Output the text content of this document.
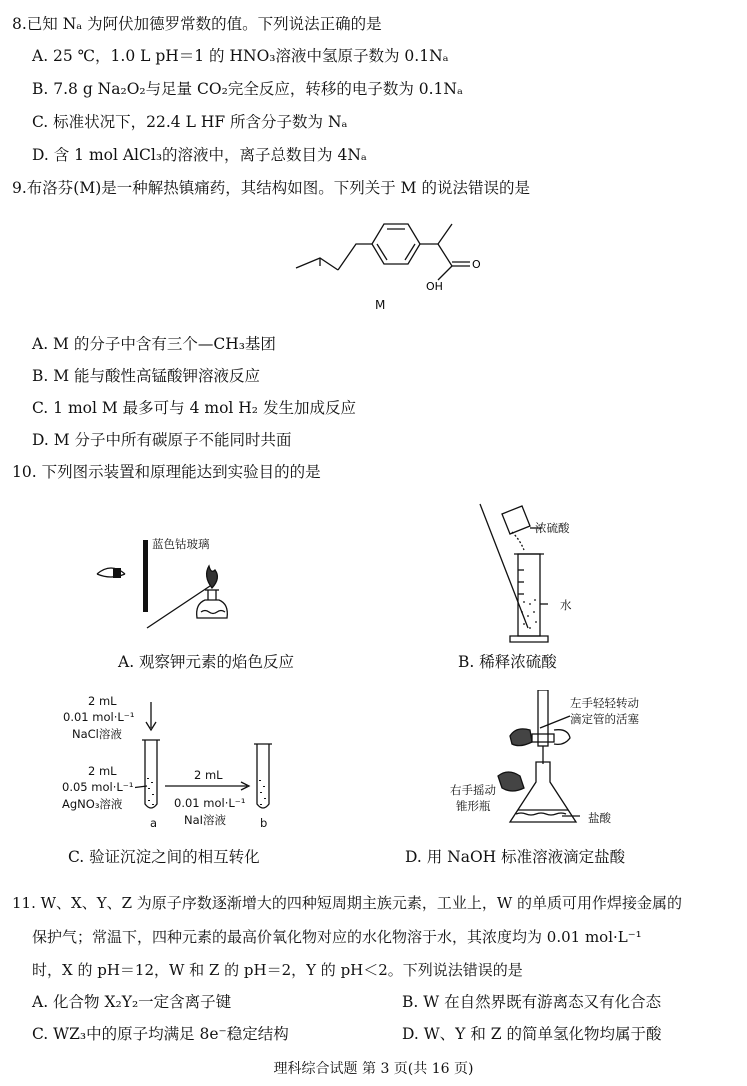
8.已知 Nₐ 为阿伏加德罗常数的值。下列说法正确的是
A. 25 ℃，1.0 L pH＝1 的 HNO₃溶液中氢原子数为 0.1Nₐ
B. 7.8 g Na₂O₂与足量 CO₂完全反应，转移的电子数为 0.1Nₐ
C. 标准状况下，22.4 L HF 所含分子数为 Nₐ
D. 含 1 mol AlCl₃的溶液中，离子总数目为 4Nₐ
9.布洛芬(M)是一种解热镇痛药，其结构如图。下列关于 M 的说法错误的是
OH
O
M
A. M 的分子中含有三个—CH₃基团
B. M 能与酸性高锰酸钾溶液反应
C. 1 mol M 最多可与 4 mol H₂ 发生加成反应
D. M 分子中所有碳原子不能同时共面
10. 下列图示装置和原理能达到实验目的的是
蓝色钴玻璃
A. 观察钾元素的焰色反应
浓硫酸
水
B. 稀释浓硫酸
2 mL
0.01 mol·L⁻¹
NaCl溶液
2 mL
0.05 mol·L⁻¹
AgNO₃溶液
a	b
2 mL
0.01 mol·L⁻¹
NaI溶液
C. 验证沉淀之间的相互转化
左手轻轻转动
滴定管的活塞
右手摇动
锥形瓶
盐酸
D. 用 NaOH 标准溶液滴定盐酸
11. W、X、Y、Z 为原子序数逐渐增大的四种短周期主族元素，工业上，W 的单质可用作焊接金属的
保护气；常温下，四种元素的最高价氧化物对应的水化物溶于水，其浓度均为 0.01 mol·L⁻¹
时，X 的 pH＝12，W 和 Z 的 pH＝2，Y 的 pH＜2。下列说法错误的是
A. 化合物 X₂Y₂一定含离子键	B. W 在自然界既有游离态又有化合态
C. WZ₃中的原子均满足 8e⁻稳定结构	D. W、Y 和 Z 的简单氢化物均属于酸
理科综合试题 第 3 页(共 16 页)
